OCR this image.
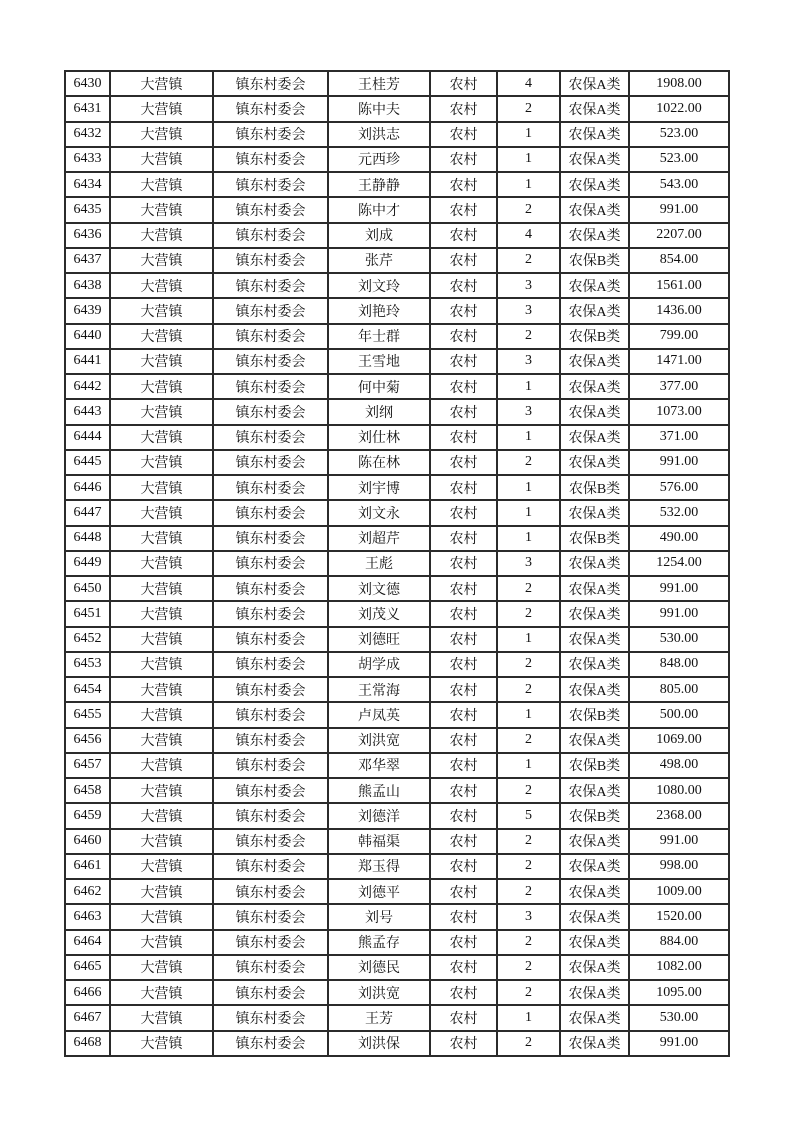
6430	大营镇	镇东村委会	王桂芳	农村	4	农保A类	1908.00
6431	大营镇	镇东村委会	陈中夫	农村	2	农保A类	1022.00
6432	大营镇	镇东村委会	刘洪志	农村	1	农保A类	523.00
6433	大营镇	镇东村委会	元西珍	农村	1	农保A类	523.00
6434	大营镇	镇东村委会	王静静	农村	1	农保A类	543.00
6435	大营镇	镇东村委会	陈中才	农村	2	农保A类	991.00
6436	大营镇	镇东村委会	刘成	农村	4	农保A类	2207.00
6437	大营镇	镇东村委会	张芹	农村	2	农保B类	854.00
6438	大营镇	镇东村委会	刘文玲	农村	3	农保A类	1561.00
6439	大营镇	镇东村委会	刘艳玲	农村	3	农保A类	1436.00
6440	大营镇	镇东村委会	年士群	农村	2	农保B类	799.00
6441	大营镇	镇东村委会	王雪地	农村	3	农保A类	1471.00
6442	大营镇	镇东村委会	何中菊	农村	1	农保A类	377.00
6443	大营镇	镇东村委会	刘纲	农村	3	农保A类	1073.00
6444	大营镇	镇东村委会	刘仕林	农村	1	农保A类	371.00
6445	大营镇	镇东村委会	陈在林	农村	2	农保A类	991.00
6446	大营镇	镇东村委会	刘宇博	农村	1	农保B类	576.00
6447	大营镇	镇东村委会	刘文永	农村	1	农保A类	532.00
6448	大营镇	镇东村委会	刘超芹	农村	1	农保B类	490.00
6449	大营镇	镇东村委会	王彪	农村	3	农保A类	1254.00
6450	大营镇	镇东村委会	刘文德	农村	2	农保A类	991.00
6451	大营镇	镇东村委会	刘茂义	农村	2	农保A类	991.00
6452	大营镇	镇东村委会	刘德旺	农村	1	农保A类	530.00
6453	大营镇	镇东村委会	胡学成	农村	2	农保A类	848.00
6454	大营镇	镇东村委会	王常海	农村	2	农保A类	805.00
6455	大营镇	镇东村委会	卢凤英	农村	1	农保B类	500.00
6456	大营镇	镇东村委会	刘洪宽	农村	2	农保A类	1069.00
6457	大营镇	镇东村委会	邓华翠	农村	1	农保B类	498.00
6458	大营镇	镇东村委会	熊孟山	农村	2	农保A类	1080.00
6459	大营镇	镇东村委会	刘德洋	农村	5	农保B类	2368.00
6460	大营镇	镇东村委会	韩福渠	农村	2	农保A类	991.00
6461	大营镇	镇东村委会	郑玉得	农村	2	农保A类	998.00
6462	大营镇	镇东村委会	刘德平	农村	2	农保A类	1009.00
6463	大营镇	镇东村委会	刘号	农村	3	农保A类	1520.00
6464	大营镇	镇东村委会	熊孟存	农村	2	农保A类	884.00
6465	大营镇	镇东村委会	刘德民	农村	2	农保A类	1082.00
6466	大营镇	镇东村委会	刘洪宽	农村	2	农保A类	1095.00
6467	大营镇	镇东村委会	王芳	农村	1	农保A类	530.00
6468	大营镇	镇东村委会	刘洪保	农村	2	农保A类	991.00
